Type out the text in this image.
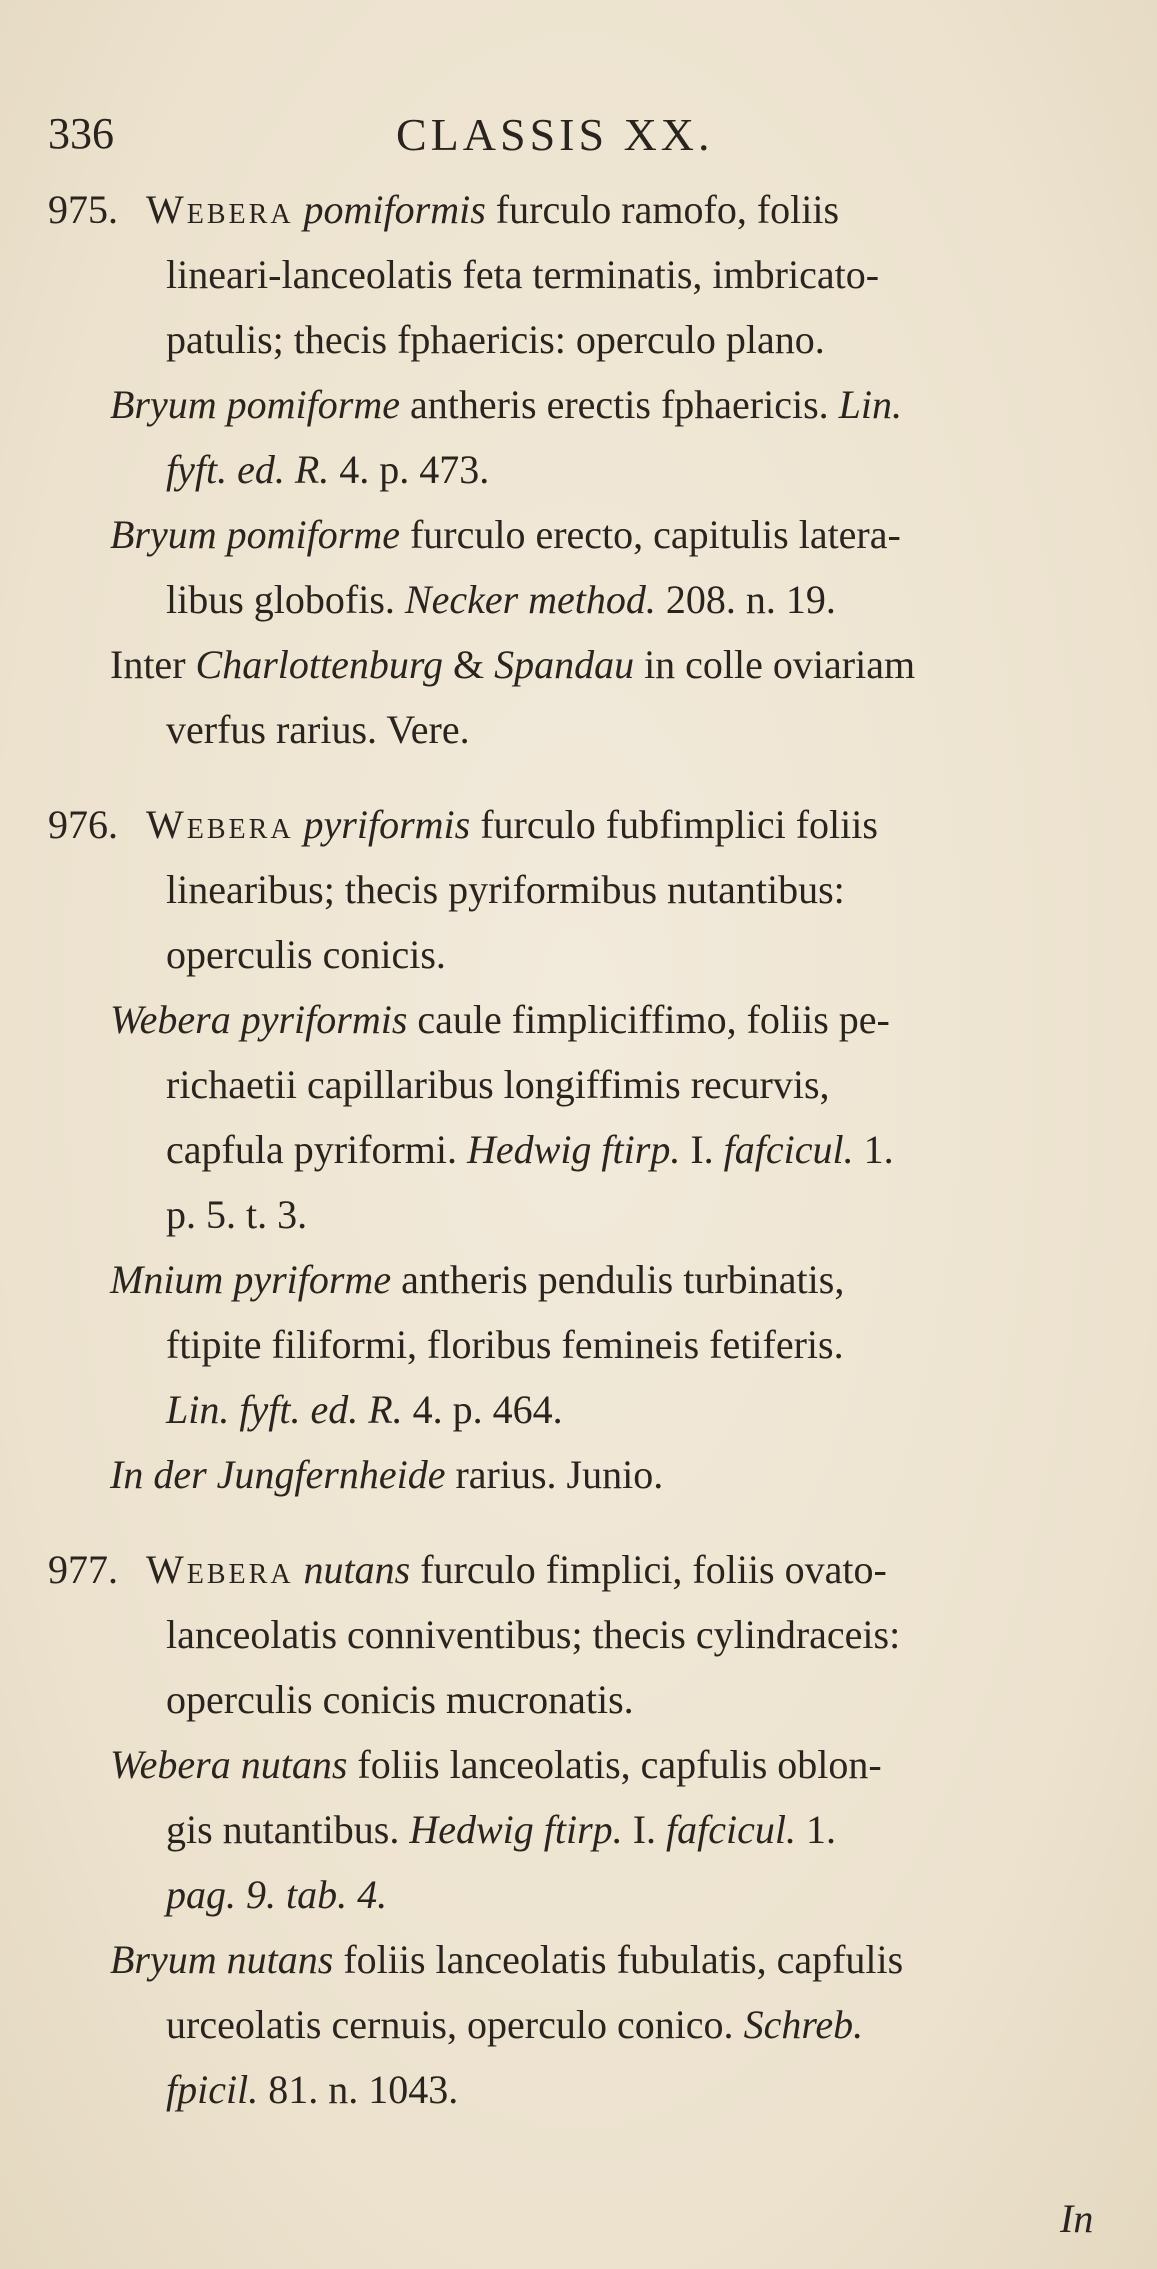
336	CLASSIS XX.
975. Webera pomiformis furculo ramofo, foliis
lineari-lanceolatis feta terminatis, imbricato-
patulis; thecis fphaericis: operculo plano.
Bryum pomiforme antheris erectis fphaericis. Lin.
fyft. ed. R. 4. p. 473.
Bryum pomiforme furculo erecto, capitulis latera-
libus globofis. Necker method. 208. n. 19.
Inter Charlottenburg & Spandau in colle oviariam
verfus rarius. Vere.
976. Webera pyriformis furculo fubfimplici foliis
linearibus; thecis pyriformibus nutantibus:
operculis conicis.
Webera pyriformis caule fimpliciffimo, foliis pe-
richaetii capillaribus longiffimis recurvis,
capfula pyriformi. Hedwig ftirp. I. fafcicul. 1.
p. 5. t. 3.
Mnium pyriforme antheris pendulis turbinatis,
ftipite filiformi, floribus femineis fetiferis.
Lin. fyft. ed. R. 4. p. 464.
In der Jungfernheide rarius. Junio.
977. Webera nutans furculo fimplici, foliis ovato-
lanceolatis conniventibus; thecis cylindraceis:
operculis conicis mucronatis.
Webera nutans foliis lanceolatis, capfulis oblon-
gis nutantibus. Hedwig ftirp. I. fafcicul. 1.
pag. 9. tab. 4.
Bryum nutans foliis lanceolatis fubulatis, capfulis
urceolatis cernuis, operculo conico. Schreb.
fpicil. 81. n. 1043.
In
